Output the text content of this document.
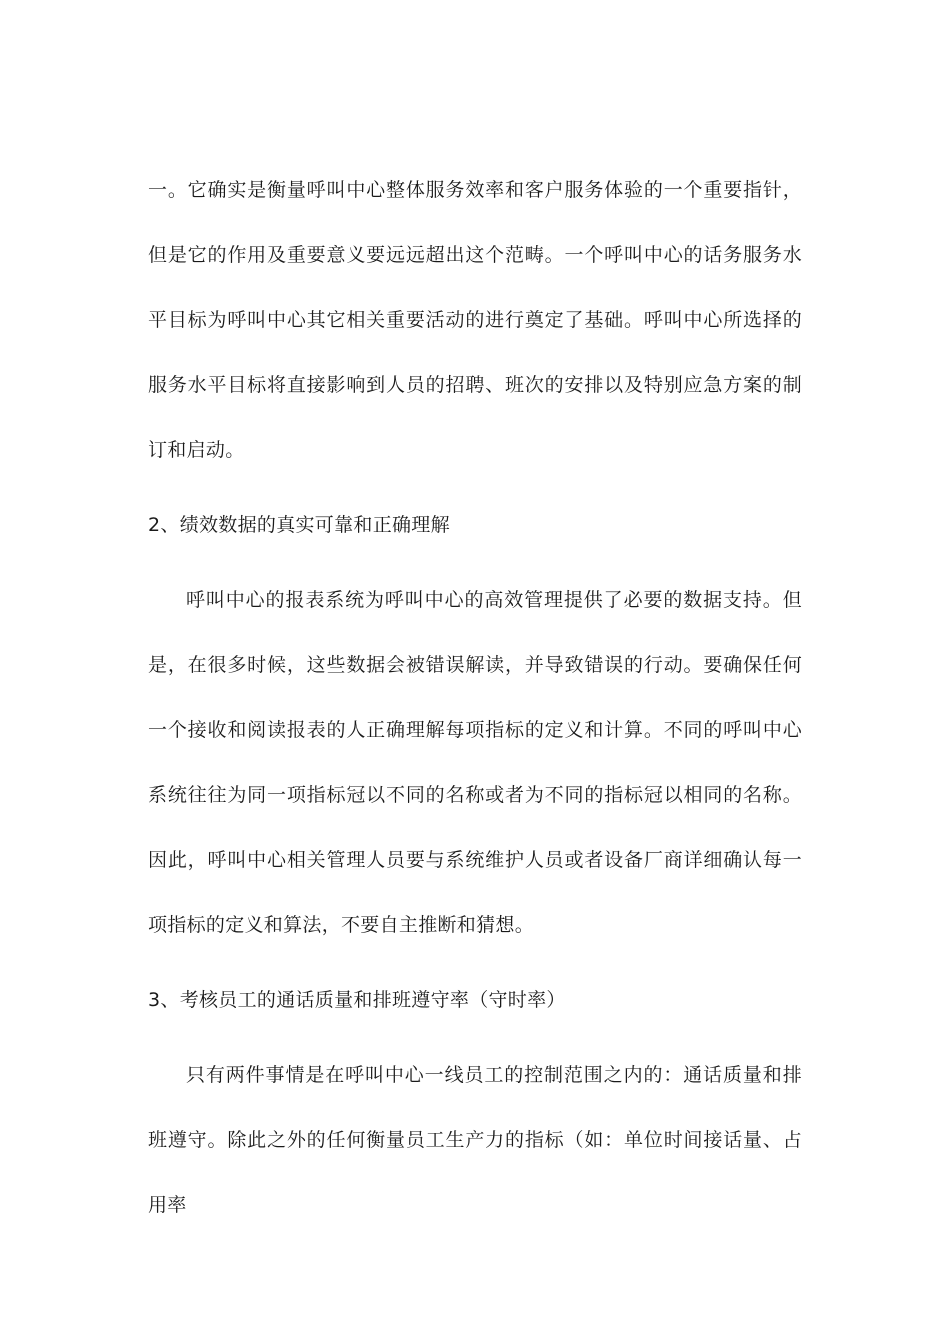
一。它确实是衡量呼叫中心整体服务效率和客户服务体验的一个重要指针，但是它的作用及重要意义要远远超出这个范畴。一个呼叫中心的话务服务水平目标为呼叫中心其它相关重要活动的进行奠定了基础。呼叫中心所选择的服务水平目标将直接影响到人员的招聘、班次的安排以及特别应急方案的制订和启动。

2、绩效数据的真实可靠和正确理解

呼叫中心的报表系统为呼叫中心的高效管理提供了必要的数据支持。但是，在很多时候，这些数据会被错误解读，并导致错误的行动。要确保任何一个接收和阅读报表的人正确理解每项指标的定义和计算。不同的呼叫中心系统往往为同一项指标冠以不同的名称或者为不同的指标冠以相同的名称。因此，呼叫中心相关管理人员要与系统维护人员或者设备厂商详细确认每一项指标的定义和算法，不要自主推断和猜想。

3、考核员工的通话质量和排班遵守率（守时率）

只有两件事情是在呼叫中心一线员工的控制范围之内的：通话质量和排班遵守。除此之外的任何衡量员工生产力的指标（如：单位时间接话量、占用率
